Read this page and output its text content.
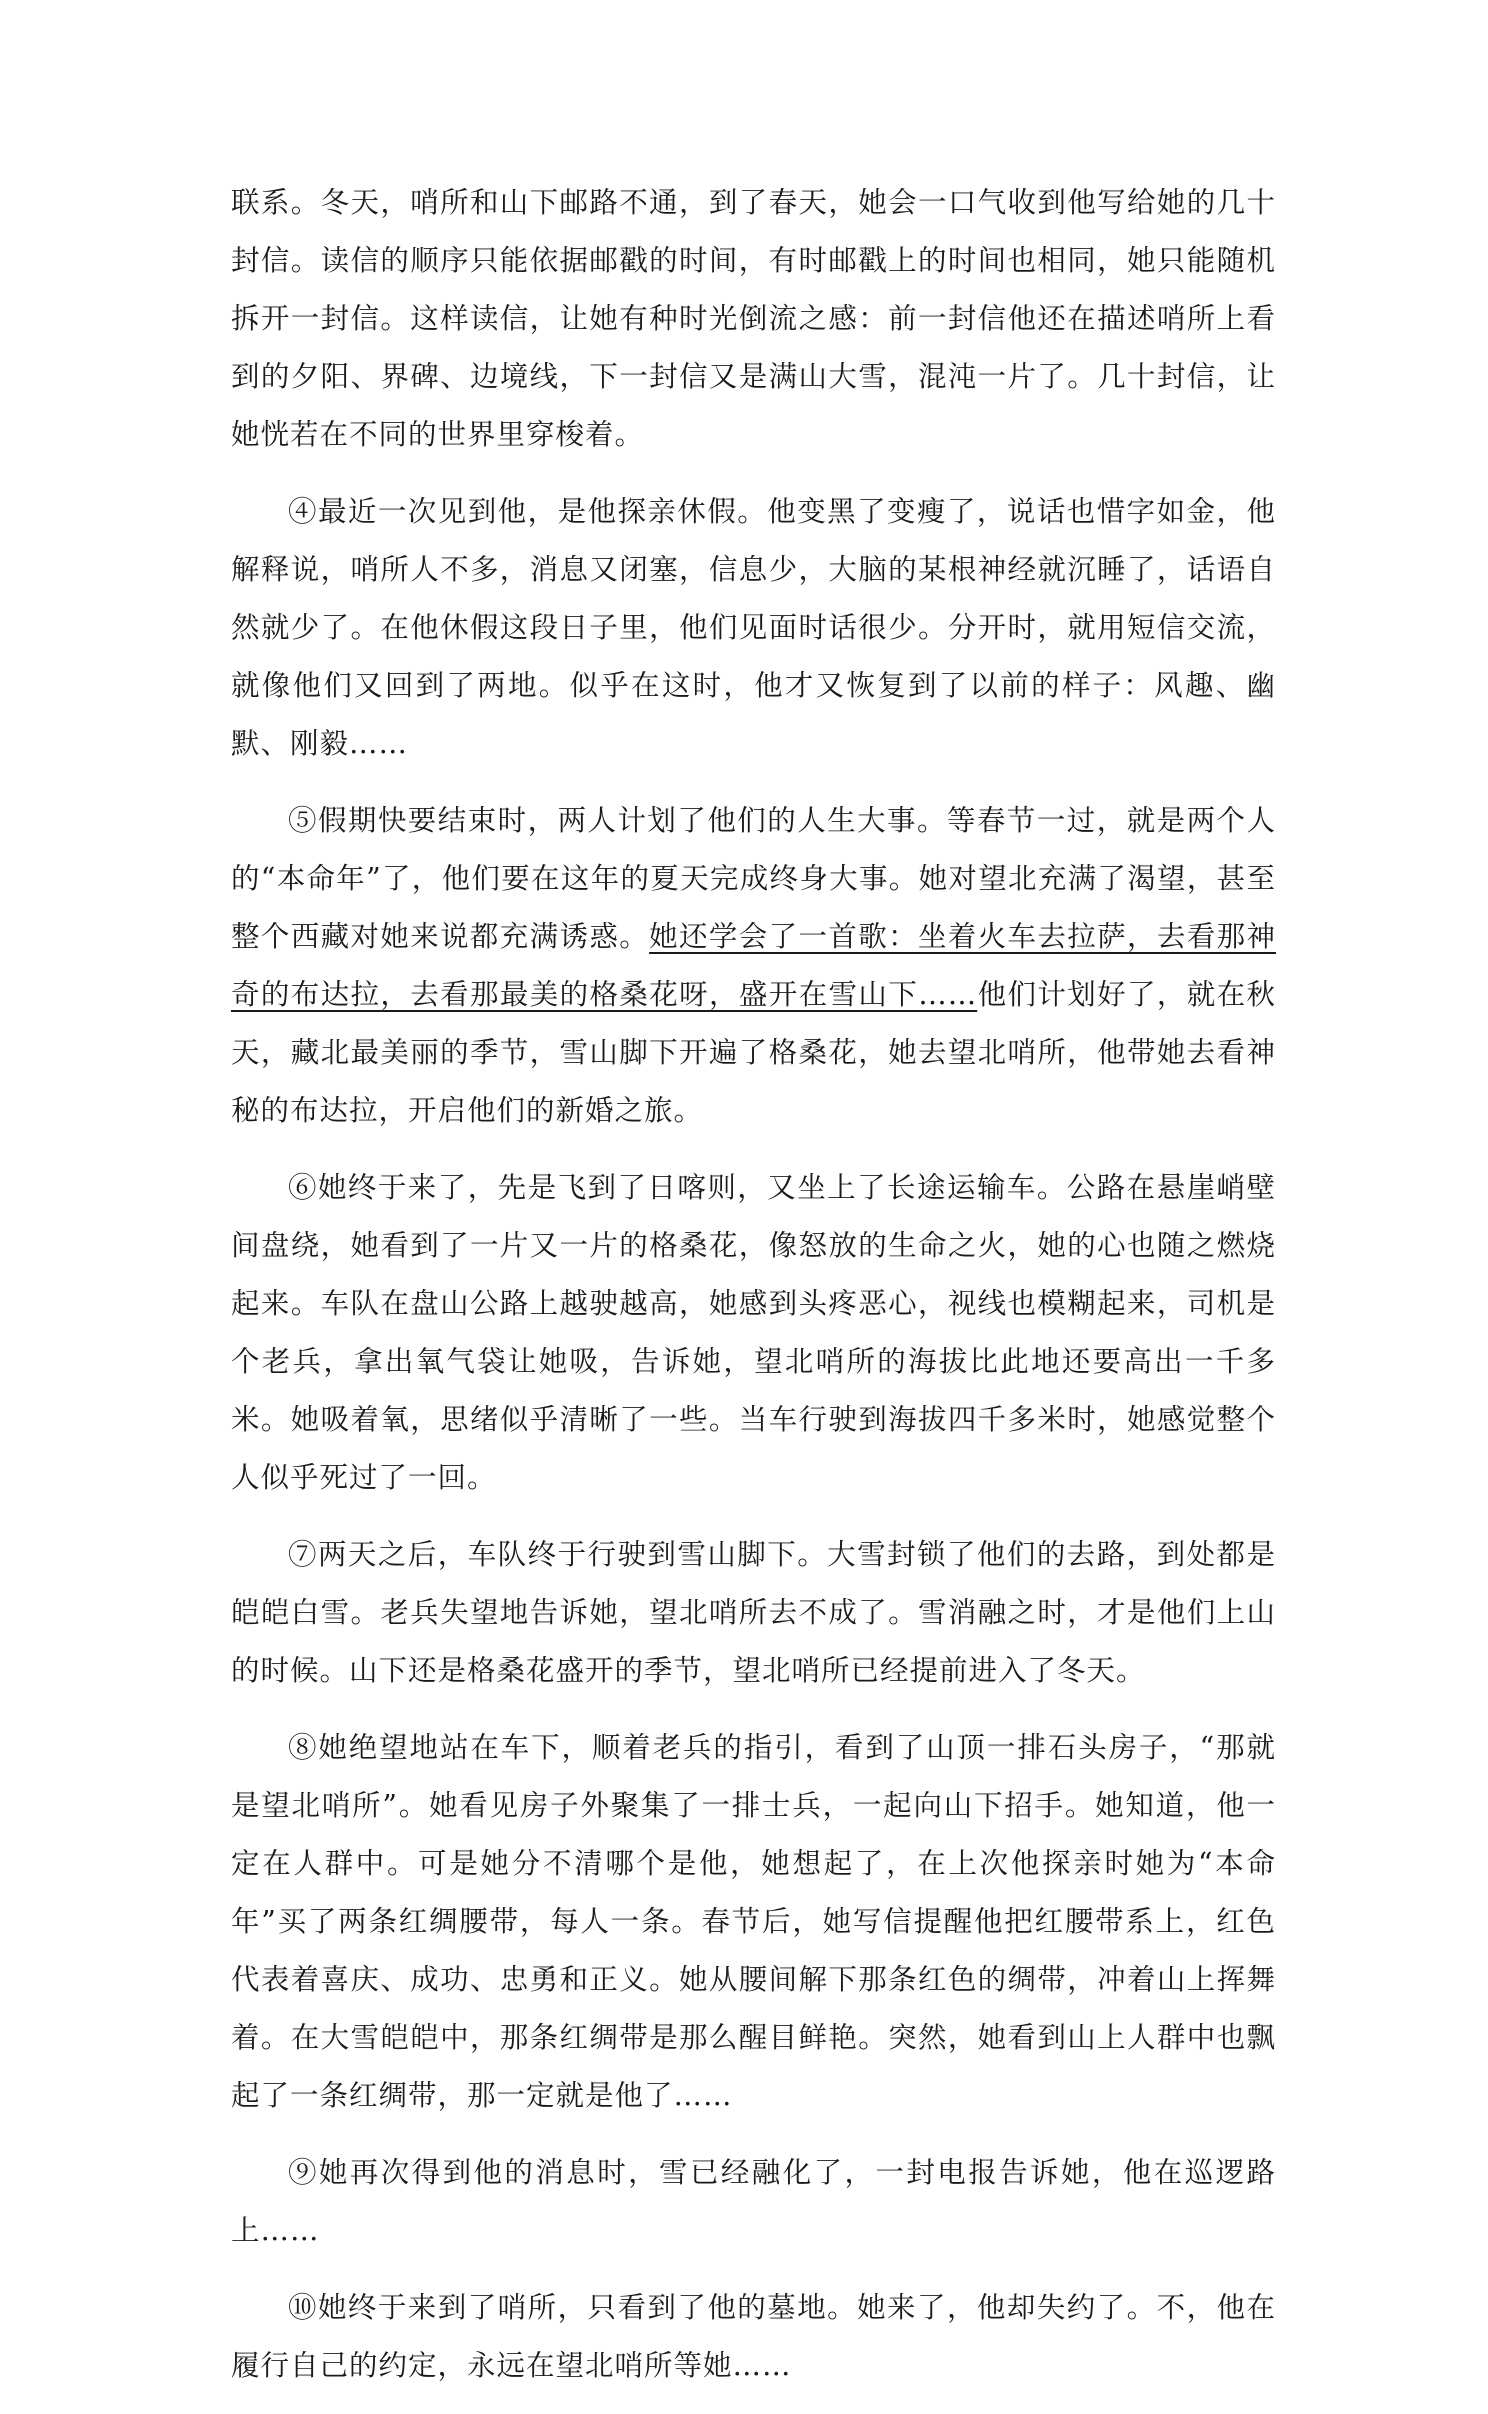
联系。冬天，哨所和山下邮路不通，到了春天，她会一口气收到他写给她的几十封信。读信的顺序只能依据邮戳的时间，有时邮戳上的时间也相同，她只能随机拆开一封信。这样读信，让她有种时光倒流之感：前一封信他还在描述哨所上看到的夕阳、界碑、边境线，下一封信又是满山大雪，混沌一片了。几十封信，让她恍若在不同的世界里穿梭着。

④最近一次见到他，是他探亲休假。他变黑了变瘦了，说话也惜字如金，他解释说，哨所人不多，消息又闭塞，信息少，大脑的某根神经就沉睡了，话语自然就少了。在他休假这段日子里，他们见面时话很少。分开时，就用短信交流，就像他们又回到了两地。似乎在这时，他才又恢复到了以前的样子：风趣、幽默、刚毅……

⑤假期快要结束时，两人计划了他们的人生大事。等春节一过，就是两个人的“本命年”了，他们要在这年的夏天完成终身大事。她对望北充满了渴望，甚至整个西藏对她来说都充满诱惑。她还学会了一首歌：坐着火车去拉萨，去看那神奇的布达拉，去看那最美的格桑花呀，盛开在雪山下……他们计划好了，就在秋天，藏北最美丽的季节，雪山脚下开遍了格桑花，她去望北哨所，他带她去看神秘的布达拉，开启他们的新婚之旅。

⑥她终于来了，先是飞到了日喀则，又坐上了长途运输车。公路在悬崖峭壁间盘绕，她看到了一片又一片的格桑花，像怒放的生命之火，她的心也随之燃烧起来。车队在盘山公路上越驶越高，她感到头疼恶心，视线也模糊起来，司机是个老兵，拿出氧气袋让她吸，告诉她，望北哨所的海拔比此地还要高出一千多米。她吸着氧，思绪似乎清晰了一些。当车行驶到海拔四千多米时，她感觉整个人似乎死过了一回。

⑦两天之后，车队终于行驶到雪山脚下。大雪封锁了他们的去路，到处都是皑皑白雪。老兵失望地告诉她，望北哨所去不成了。雪消融之时，才是他们上山的时候。山下还是格桑花盛开的季节，望北哨所已经提前进入了冬天。

⑧她绝望地站在车下，顺着老兵的指引，看到了山顶一排石头房子，“那就是望北哨所”。她看见房子外聚集了一排士兵，一起向山下招手。她知道，他一定在人群中。可是她分不清哪个是他，她想起了，在上次他探亲时她为“本命年”买了两条红绸腰带，每人一条。春节后，她写信提醒他把红腰带系上，红色代表着喜庆、成功、忠勇和正义。她从腰间解下那条红色的绸带，冲着山上挥舞着。在大雪皑皑中，那条红绸带是那么醒目鲜艳。突然，她看到山上人群中也飘起了一条红绸带，那一定就是他了……

⑨她再次得到他的消息时，雪已经融化了，一封电报告诉她，他在巡逻路上……

⑩她终于来到了哨所，只看到了他的墓地。她来了，他却失约了。不，他在履行自己的约定，永远在望北哨所等她……
